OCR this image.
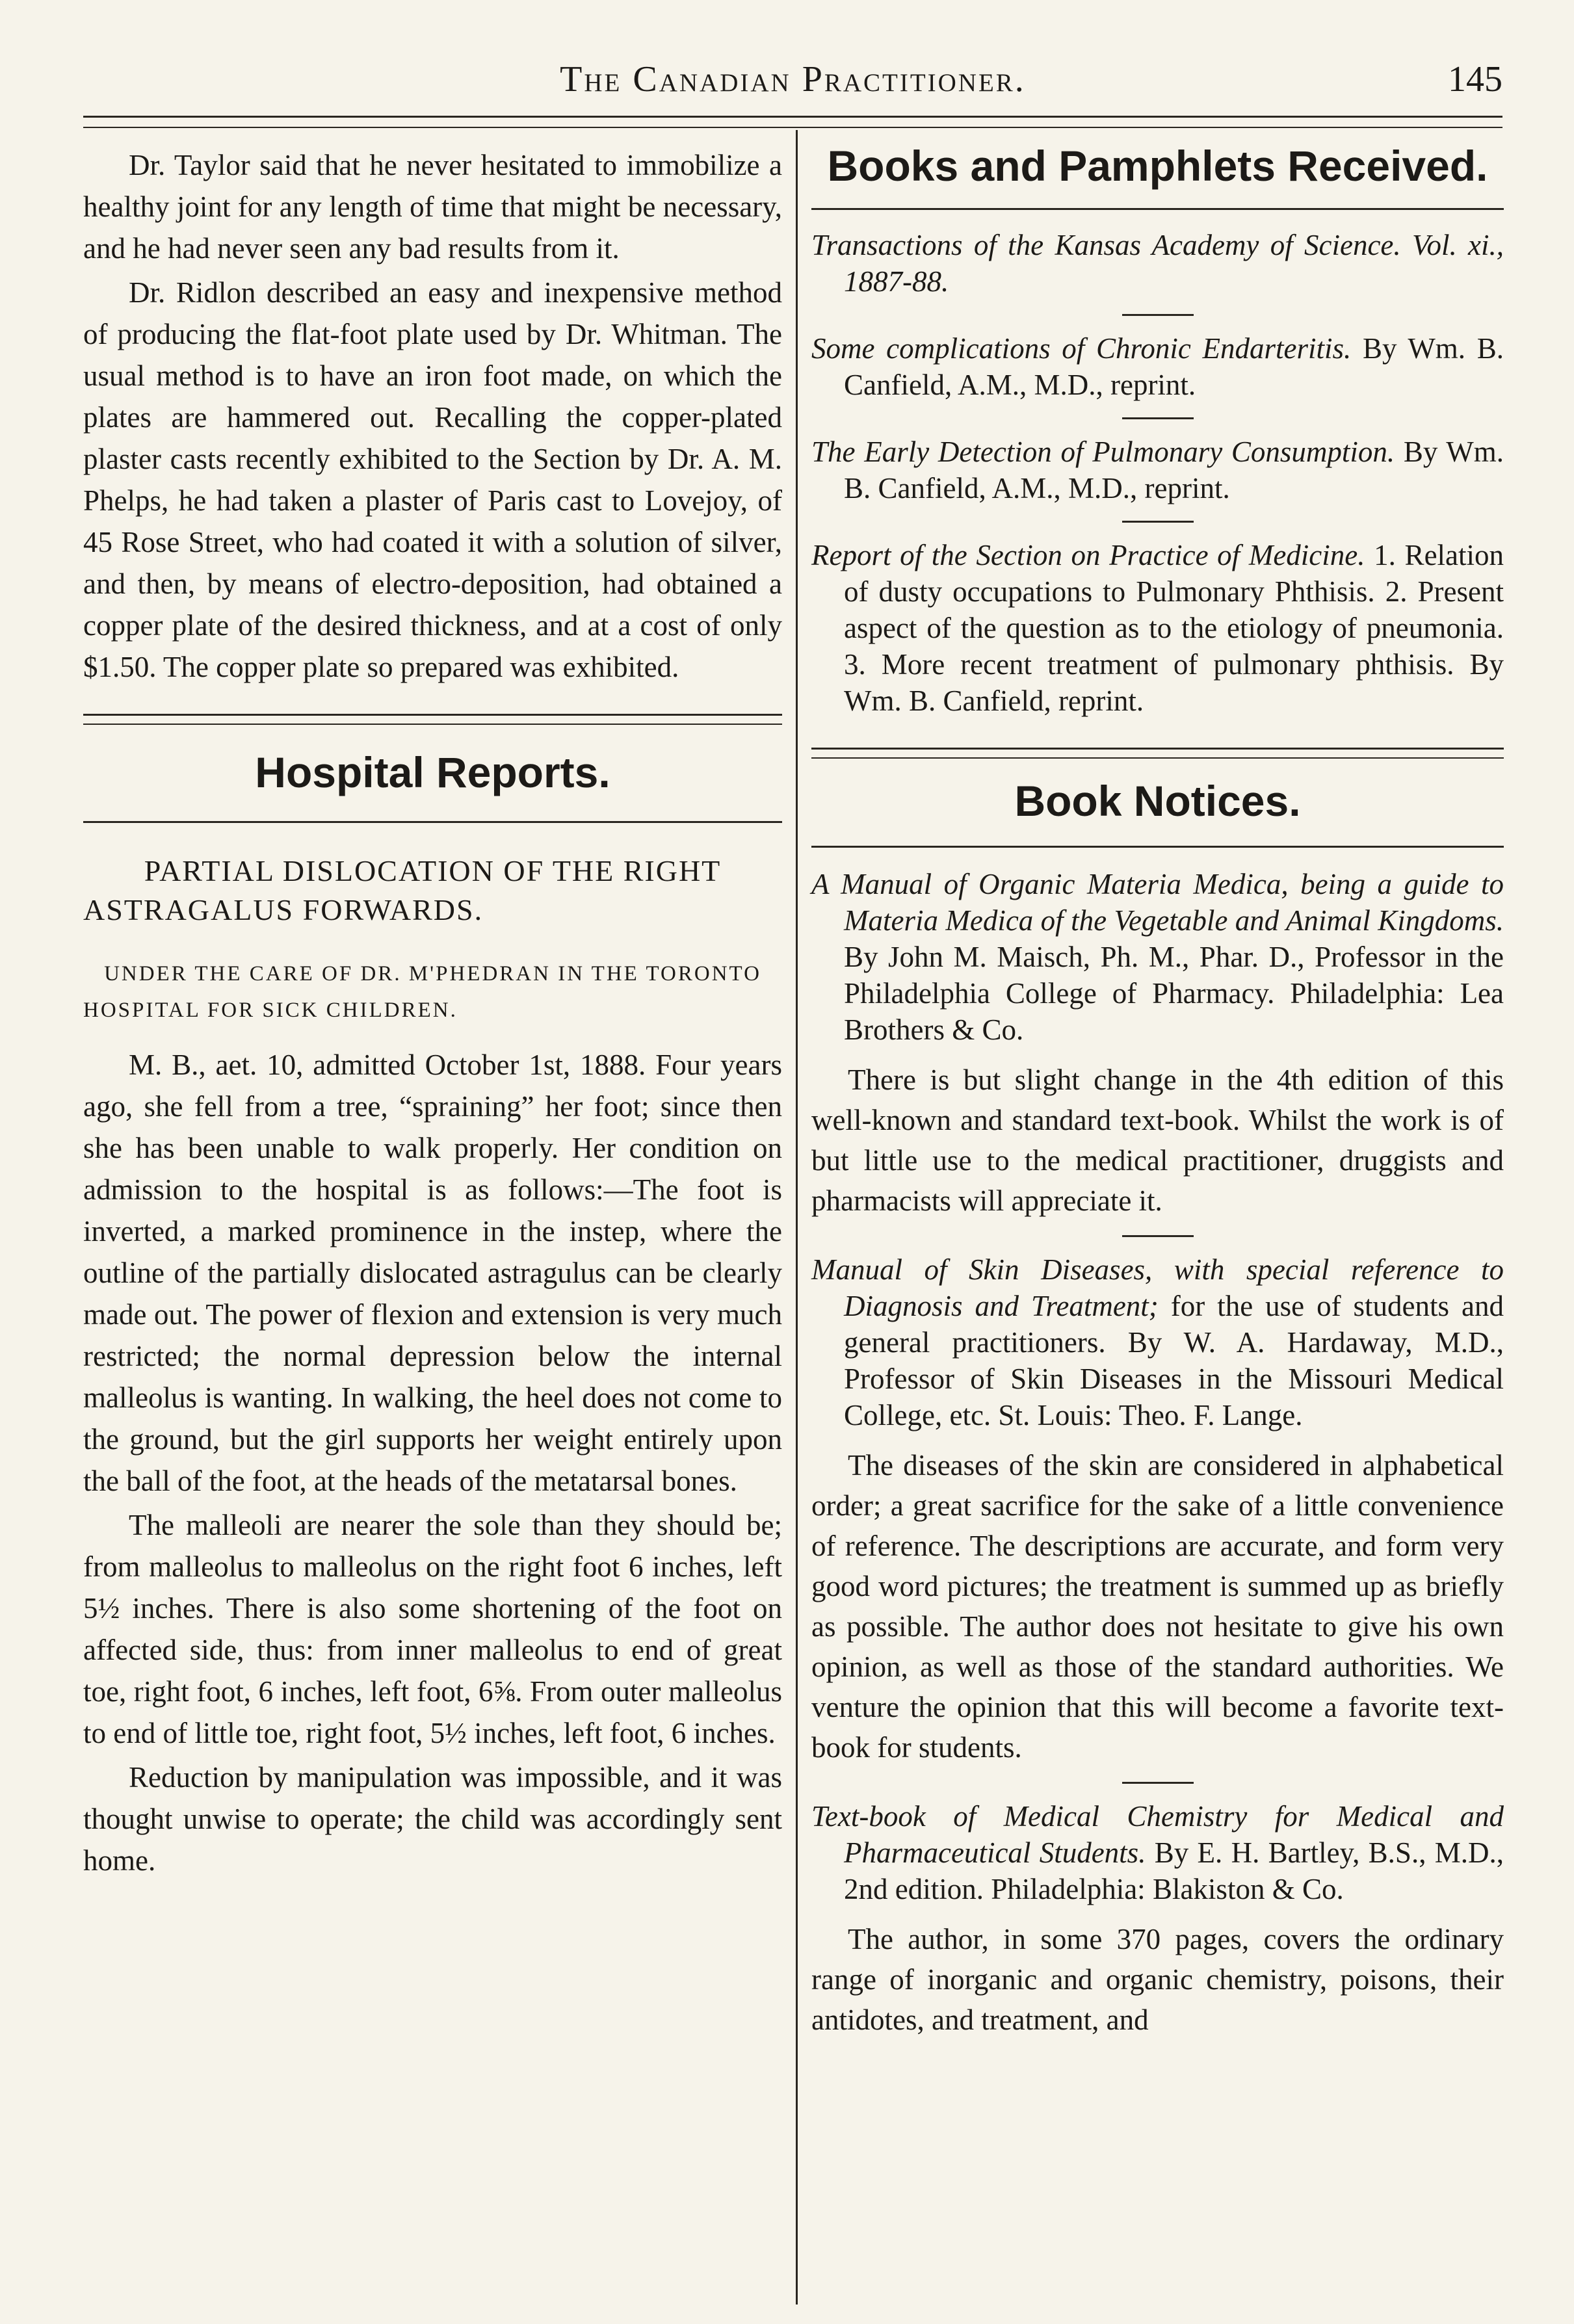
The Canadian Practitioner.	145

Dr. Taylor said that he never hesitated to immobilize a healthy joint for any length of time that might be necessary, and he had never seen any bad results from it.

Dr. Ridlon described an easy and inexpensive method of producing the flat-foot plate used by Dr. Whitman. The usual method is to have an iron foot made, on which the plates are hammered out. Recalling the copper-plated plaster casts recently exhibited to the Section by Dr. A. M. Phelps, he had taken a plaster of Paris cast to Lovejoy, of 45 Rose Street, who had coated it with a solution of silver, and then, by means of electro-deposition, had obtained a copper plate of the desired thickness, and at a cost of only $1.50. The copper plate so prepared was exhibited.

Hospital Reports.

PARTIAL DISLOCATION OF THE RIGHT ASTRAGALUS FORWARDS.

UNDER THE CARE OF DR. M'PHEDRAN IN THE TORONTO HOSPITAL FOR SICK CHILDREN.

M. B., aet. 10, admitted October 1st, 1888. Four years ago, she fell from a tree, “spraining” her foot; since then she has been unable to walk properly. Her condition on admission to the hospital is as follows:—The foot is inverted, a marked prominence in the instep, where the outline of the partially dislocated astragulus can be clearly made out. The power of flexion and extension is very much restricted; the normal depression below the internal malleolus is wanting. In walking, the heel does not come to the ground, but the girl supports her weight entirely upon the ball of the foot, at the heads of the metatarsal bones.

The malleoli are nearer the sole than they should be; from malleolus to malleolus on the right foot 6 inches, left 5½ inches. There is also some shortening of the foot on affected side, thus: from inner malleolus to end of great toe, right foot, 6 inches, left foot, 6⅝. From outer malleolus to end of little toe, right foot, 5½ inches, left foot, 6 inches.

Reduction by manipulation was impossible, and it was thought unwise to operate; the child was accordingly sent home.

Books and Pamphlets Received.

Transactions of the Kansas Academy of Science. Vol. xi., 1887-88.

Some complications of Chronic Endarteritis. By Wm. B. Canfield, A.M., M.D., reprint.

The Early Detection of Pulmonary Consumption. By Wm. B. Canfield, A.M., M.D., reprint.

Report of the Section on Practice of Medicine. 1. Relation of dusty occupations to Pulmonary Phthisis. 2. Present aspect of the question as to the etiology of pneumonia. 3. More recent treatment of pulmonary phthisis. By Wm. B. Canfield, reprint.

Book Notices.

A Manual of Organic Materia Medica, being a guide to Materia Medica of the Vegetable and Animal Kingdoms. By John M. Maisch, Ph. M., Phar. D., Professor in the Philadelphia College of Pharmacy. Philadelphia: Lea Brothers & Co.

There is but slight change in the 4th edition of this well-known and standard text-book. Whilst the work is of but little use to the medical practitioner, druggists and pharmacists will appreciate it.

Manual of Skin Diseases, with special reference to Diagnosis and Treatment; for the use of students and general practitioners. By W. A. Hardaway, M.D., Professor of Skin Diseases in the Missouri Medical College, etc. St. Louis: Theo. F. Lange.

The diseases of the skin are considered in alphabetical order; a great sacrifice for the sake of a little convenience of reference. The descriptions are accurate, and form very good word pictures; the treatment is summed up as briefly as possible. The author does not hesitate to give his own opinion, as well as those of the standard authorities. We venture the opinion that this will become a favorite text-book for students.

Text-book of Medical Chemistry for Medical and Pharmaceutical Students. By E. H. Bartley, B.S., M.D., 2nd edition. Philadelphia: Blakiston & Co.

The author, in some 370 pages, covers the ordinary range of inorganic and organic chemistry, poisons, their antidotes, and treatment, and
